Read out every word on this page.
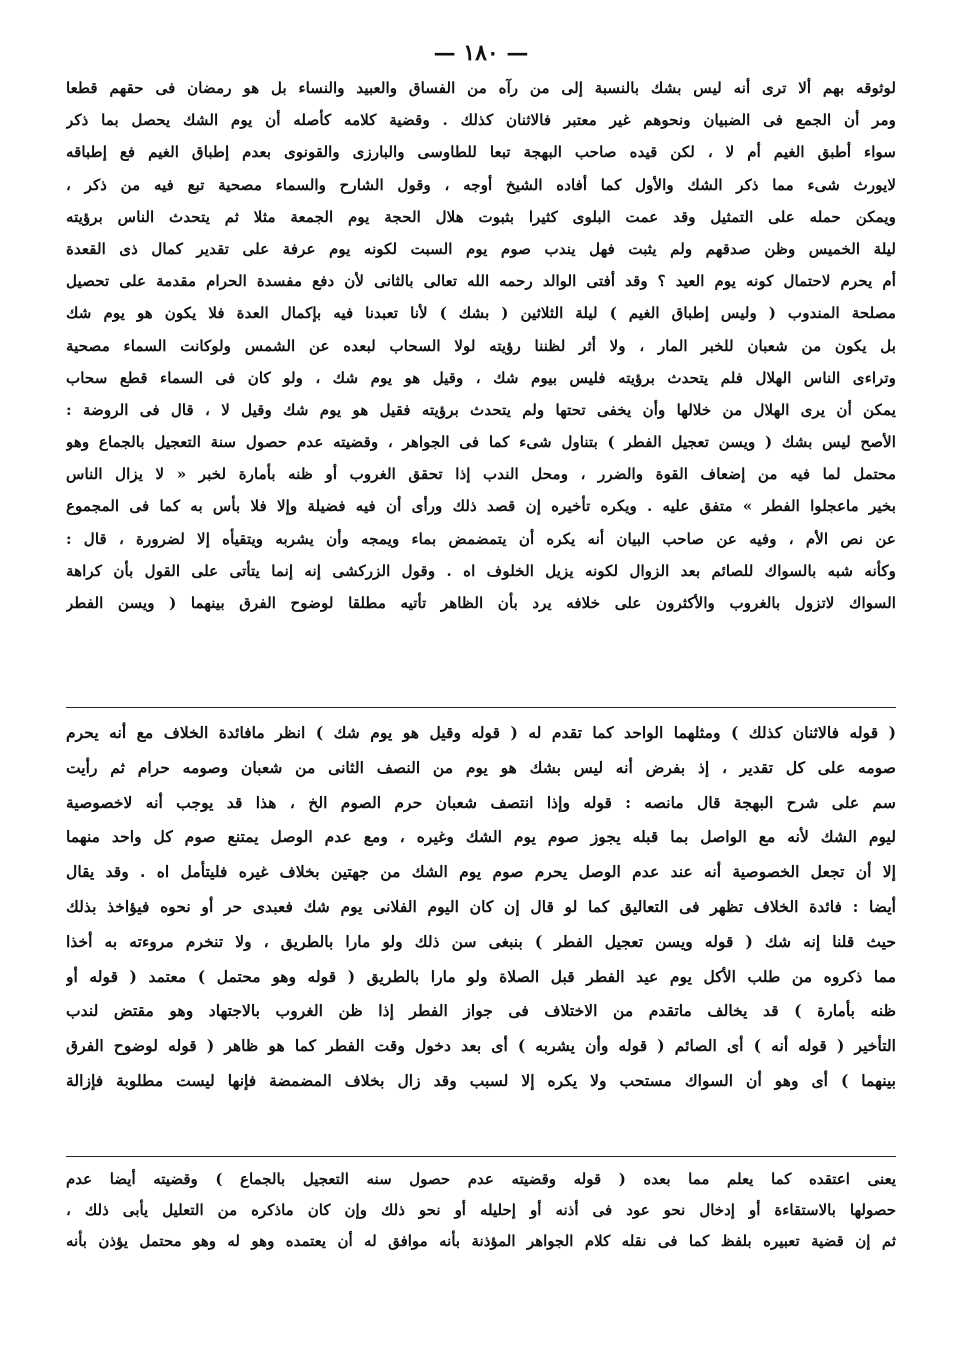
— ١٨٠ —
لوثوقه بهم ألا ترى أنه ليس بشك بالنسبة إلى من رآه من الفساق والعبيد والنساء بل هو رمضان فى حقهم قطعا
ومر أن الجمع فى الضبيان ونحوهم غير معتبر فالاثنان كذلك . وقضية كلامه كأصله أن يوم الشك يحصل بما ذكر
سواء أطبق الغيم أم لا ، لكن قيده صاحب البهجة تبعا للطاوسى والبارزى والقونوى بعدم إطباق الغيم فع إطباقه
لايورث شىء مما ذكر الشك والأول كما أفاده الشيخ أوجه ، وقول الشارح والسماء مصحية تبع فيه من ذكر ،
ويمكن حمله على التمثيل وقد عمت البلوى كثيرا بثبوت هلال الحجة يوم الجمعة مثلا ثم يتحدث الناس برؤيته
ليلة الخميس وظن صدقهم ولم يثبت فهل يندب صوم يوم السبت لكونه يوم عرفة على تقدير كمال ذى القعدة
أم يحرم لاحتمال كونه يوم العيد ؟ وقد أفتى الوالد رحمه الله تعالى بالثانى لأن دفع مفسدة الحرام مقدمة على تحصيل
مصلحة المندوب ( وليس إطباق الغيم ) ليلة الثلاثين ( بشك ) لأنا تعبدنا فيه بإكمال العدة فلا يكون هو يوم شك
بل يكون من شعبان للخبر المار ، ولا أثر لظننا رؤيته لولا السحاب لبعده عن الشمس ولوكانت السماء مصحية
وتراءى الناس الهلال فلم يتحدث برؤيته فليس بيوم شك ، وقيل هو يوم شك ، ولو كان فى السماء قطع سحاب
يمكن أن يرى الهلال من خلالها وأن يخفى تحتها ولم يتحدث برؤيته فقيل هو يوم شك وقيل لا ، قال فى الروضة :
الأصح ليس بشك ( ويسن تعجيل الفطر ) بتناول شىء كما فى الجواهر ، وقضيته عدم حصول سنة التعجيل بالجماع وهو
محتمل لما فيه من إضعاف القوة والضرر ، ومحل الندب إذا تحقق الغروب أو ظنه بأمارة لخبر « لا يزال الناس
بخير ماعجلوا الفطر » متفق عليه . ويكره تأخيره إن قصد ذلك ورأى أن فيه فضيلة وإلا فلا بأس به كما فى المجموع
عن نص الأم ، وفيه عن صاحب البيان أنه يكره أن يتمضمض بماء ويمجه وأن يشربه ويتقيأه إلا لضرورة ، قال :
وكأنه شبه بالسواك للصائم بعد الزوال لكونه يزيل الخلوف اه . وقول الزركشى إنه إنما يتأتى على القول بأن كراهة
السواك لاتزول بالغروب والأكثرون على خلافه يرد بأن الظاهر تأتيه مطلقا لوضوح الفرق بينهما ( ويسن الفطر
( قوله فالاثنان كذلك ) ومثلهما الواحد كما تقدم له ( قوله وقيل هو يوم شك ) انظر مافائدة الخلاف مع أنه يحرم
صومه على كل تقدير ، إذ بفرض أنه ليس بشك هو يوم من النصف الثانى من شعبان وصومه حرام ثم رأيت
سم على شرح البهجة قال مانصه : قوله وإذا انتصف شعبان حرم الصوم الخ ، هذا قد يوجب أنه لاخصوصية
ليوم الشك لأنه مع الواصل بما قبله يجوز صوم يوم الشك وغيره ، ومع عدم الوصل يمتنع صوم كل واحد منهما
إلا أن تجعل الخصوصية أنه عند عدم الوصل يحرم صوم يوم الشك من جهتين بخلاف غيره فليتأمل اه . وقد يقال
أيضا : فائدة الخلاف تظهر فى التعاليق كما لو قال إن كان اليوم الفلانى يوم شك فعبدى حر أو نحوه فيؤاخذ بذلك
حيث قلنا إنه شك ( قوله ويسن تعجيل الفطر ) بنبغى سن ذلك ولو مارا بالطريق ، ولا تنخرم مروءته به أخذا
مما ذكروه من طلب الأكل يوم عيد الفطر قبل الصلاة ولو مارا بالطريق ( قوله وهو محتمل ) معتمد ( قوله أو
ظنه بأمارة ) قد يخالف ماتقدم من الاختلاف فى جواز الفطر إذا ظن الغروب بالاجتهاد وهو مقتض لندب
التأخير ( قوله أنه ) أى الصائم ( قوله وأن يشربه ) أى بعد دخول وقت الفطر كما هو ظاهر ( قوله لوضوح الفرق
بينهما ) أى وهو أن السواك مستحب ولا يكره إلا لسبب وقد زال بخلاف المضمضة فإنها ليست مطلوبة فإزالة
يعنى اعتقده كما يعلم مما بعده ( قوله وقضيته عدم حصول سنه التعجيل بالجماع ) وقضيته أيضا عدم
حصولها بالاستقاءة أو إدخال نحو عود فى أذنه أو إحليله أو نحو ذلك وإن كان ماذكره من التعليل يأبى ذلك ،
ثم إن قضية تعبيره بلفظ كما فى نقله كلام الجواهر المؤذنة بأنه موافق له أن يعتمده وهو له وهو محتمل يؤذن بأنه
